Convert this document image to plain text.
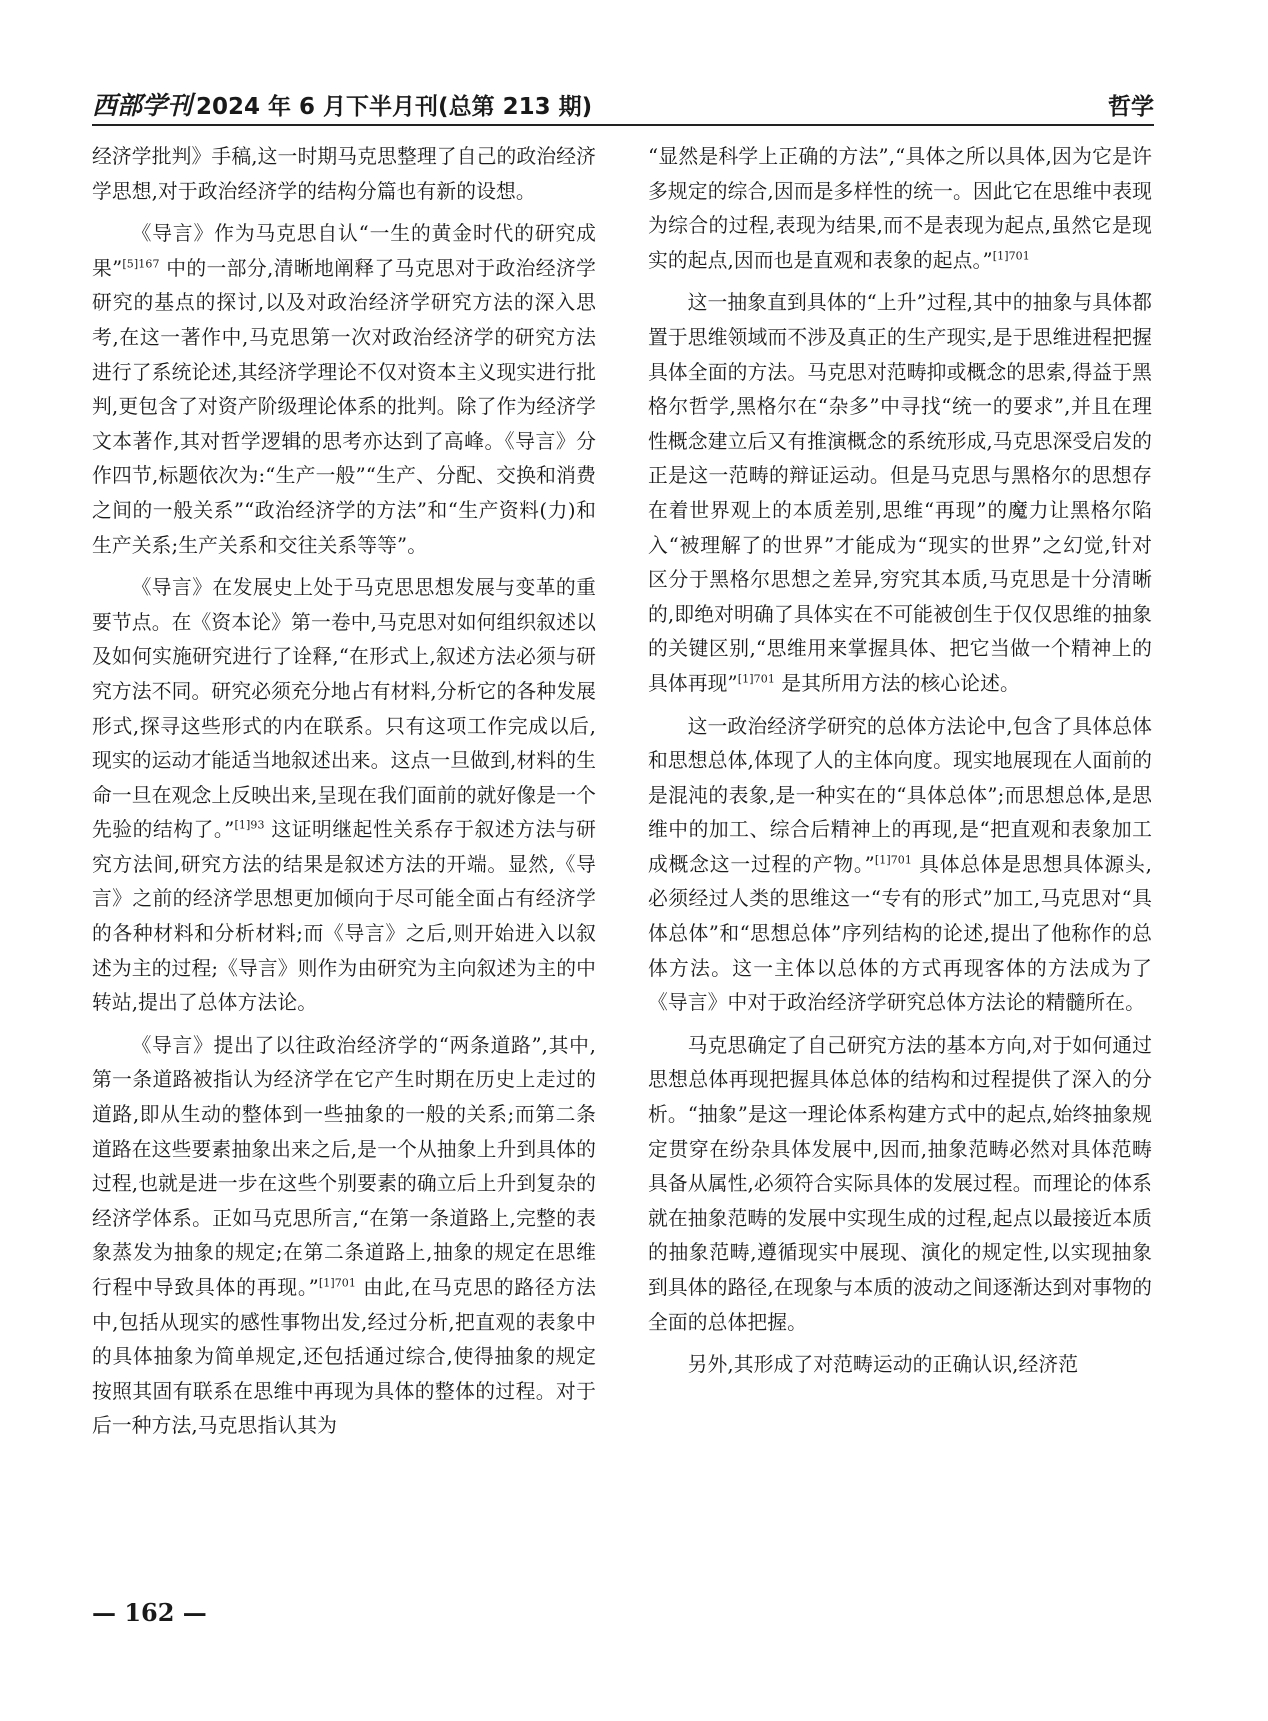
西部学刊 2024 年 6 月下半月刊(总第 213 期)	哲学

经济学批判》手稿,这一时期马克思整理了自己的政治经济学思想,对于政治经济学的结构分篇也有新的设想。

《导言》作为马克思自认“一生的黄金时代的研究成果”$^{[5]167}$ 中的一部分,清晰地阐释了马克思对于政治经济学研究的基点的探讨,以及对政治经济学研究方法的深入思考,在这一著作中,马克思第一次对政治经济学的研究方法进行了系统论述,其经济学理论不仅对资本主义现实进行批判,更包含了对资产阶级理论体系的批判。除了作为经济学文本著作,其对哲学逻辑的思考亦达到了高峰。《导言》分作四节,标题依次为:“生产一般”“生产、分配、交换和消费之间的一般关系”“政治经济学的方法”和“生产资料(力)和生产关系;生产关系和交往关系等等”。

《导言》在发展史上处于马克思思想发展与变革的重要节点。在《资本论》第一卷中,马克思对如何组织叙述以及如何实施研究进行了诠释,“在形式上,叙述方法必须与研究方法不同。研究必须充分地占有材料,分析它的各种发展形式,探寻这些形式的内在联系。只有这项工作完成以后,现实的运动才能适当地叙述出来。这点一旦做到,材料的生命一旦在观念上反映出来,呈现在我们面前的就好像是一个先验的结构了。”$^{[1]93}$ 这证明继起性关系存于叙述方法与研究方法间,研究方法的结果是叙述方法的开端。显然,《导言》之前的经济学思想更加倾向于尽可能全面占有经济学的各种材料和分析材料;而《导言》之后,则开始进入以叙述为主的过程;《导言》则作为由研究为主向叙述为主的中转站,提出了总体方法论。

《导言》提出了以往政治经济学的“两条道路”,其中,第一条道路被指认为经济学在它产生时期在历史上走过的道路,即从生动的整体到一些抽象的一般的关系;而第二条道路在这些要素抽象出来之后,是一个从抽象上升到具体的过程,也就是进一步在这些个别要素的确立后上升到复杂的经济学体系。正如马克思所言,“在第一条道路上,完整的表象蒸发为抽象的规定;在第二条道路上,抽象的规定在思维行程中导致具体的再现。”$^{[1]701}$ 由此,在马克思的路径方法中,包括从现实的感性事物出发,经过分析,把直观的表象中的具体抽象为简单规定,还包括通过综合,使得抽象的规定按照其固有联系在思维中再现为具体的整体的过程。对于后一种方法,马克思指认其为

“显然是科学上正确的方法”,“具体之所以具体,因为它是许多规定的综合,因而是多样性的统一。因此它在思维中表现为综合的过程,表现为结果,而不是表现为起点,虽然它是现实的起点,因而也是直观和表象的起点。”$^{[1]701}$

这一抽象直到具体的“上升”过程,其中的抽象与具体都置于思维领域而不涉及真正的生产现实,是于思维进程把握具体全面的方法。马克思对范畴抑或概念的思索,得益于黑格尔哲学,黑格尔在“杂多”中寻找“统一的要求”,并且在理性概念建立后又有推演概念的系统形成,马克思深受启发的正是这一范畴的辩证运动。但是马克思与黑格尔的思想存在着世界观上的本质差别,思维“再现”的魔力让黑格尔陷入“被理解了的世界”才能成为“现实的世界”之幻觉,针对区分于黑格尔思想之差异,穷究其本质,马克思是十分清晰的,即绝对明确了具体实在不可能被创生于仅仅思维的抽象的关键区别,“思维用来掌握具体、把它当做一个精神上的具体再现”$^{[1]701}$ 是其所用方法的核心论述。

这一政治经济学研究的总体方法论中,包含了具体总体和思想总体,体现了人的主体向度。现实地展现在人面前的是混沌的表象,是一种实在的“具体总体”;而思想总体,是思维中的加工、综合后精神上的再现,是“把直观和表象加工成概念这一过程的产物。”$^{[1]701}$ 具体总体是思想具体源头,必须经过人类的思维这一“专有的形式”加工,马克思对“具体总体”和“思想总体”序列结构的论述,提出了他称作的总体方法。这一主体以总体的方式再现客体的方法成为了《导言》中对于政治经济学研究总体方法论的精髓所在。

马克思确定了自己研究方法的基本方向,对于如何通过思想总体再现把握具体总体的结构和过程提供了深入的分析。“抽象”是这一理论体系构建方式中的起点,始终抽象规定贯穿在纷杂具体发展中,因而,抽象范畴必然对具体范畴具备从属性,必须符合实际具体的发展过程。而理论的体系就在抽象范畴的发展中实现生成的过程,起点以最接近本质的抽象范畴,遵循现实中展现、演化的规定性,以实现抽象到具体的路径,在现象与本质的波动之间逐渐达到对事物的全面的总体把握。

另外,其形成了对范畴运动的正确认识,经济范

— 162 —
